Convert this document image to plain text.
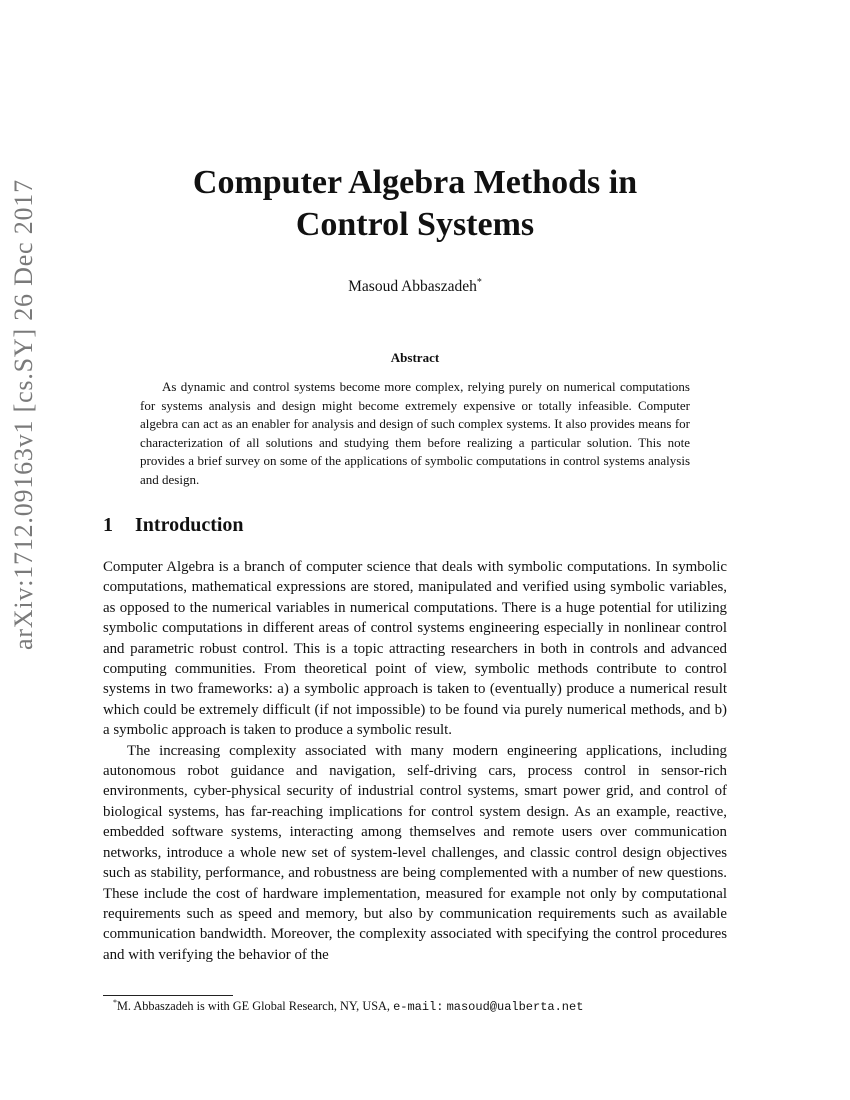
arXiv:1712.09163v1 [cs.SY] 26 Dec 2017	Computer Algebra Methods in
Control Systems
Masoud Abbaszadeh*
Abstract
As dynamic and control systems become more complex, relying purely on numerical computations for systems analysis and design might become extremely expensive or totally infeasible. Computer algebra can act as an enabler for analysis and design of such complex systems. It also provides means for characterization of all solutions and studying them before realizing a particular solution. This note provides a brief survey on some of the applications of symbolic computations in control systems analysis and design.
1 Introduction

Computer Algebra is a branch of computer science that deals with symbolic computations. In symbolic computations, mathematical expressions are stored, manipulated and verified using symbolic variables, as opposed to the numerical variables in numerical computations. There is a huge potential for utilizing symbolic computations in different areas of control systems engineering especially in nonlinear control and parametric robust control. This is a topic attracting researchers in both in controls and advanced computing communities. From theoretical point of view, symbolic methods contribute to control systems in two frameworks: a) a symbolic approach is taken to (eventually) produce a numerical result which could be extremely difficult (if not impossible) to be found via purely numerical methods, and b) a symbolic approach is taken to produce a symbolic result.

The increasing complexity associated with many modern engineering applications, including autonomous robot guidance and navigation, self-driving cars, process control in sensor-rich environments, cyber-physical security of industrial control systems, smart power grid, and control of biological systems, has far-reaching implications for control system design. As an example, reactive, embedded software systems, interacting among themselves and remote users over communication networks, introduce a whole new set of system-level challenges, and classic control design objectives such as stability, performance, and robustness are being complemented with a number of new questions. These include the cost of hardware implementation, measured for example not only by computational requirements such as speed and memory, but also by communication requirements such as available communication bandwidth. Moreover, the complexity associated with specifying the control procedures and with verifying the behavior of the

*M. Abbaszadeh is with GE Global Research, NY, USA, e-mail: masoud@ualberta.net
